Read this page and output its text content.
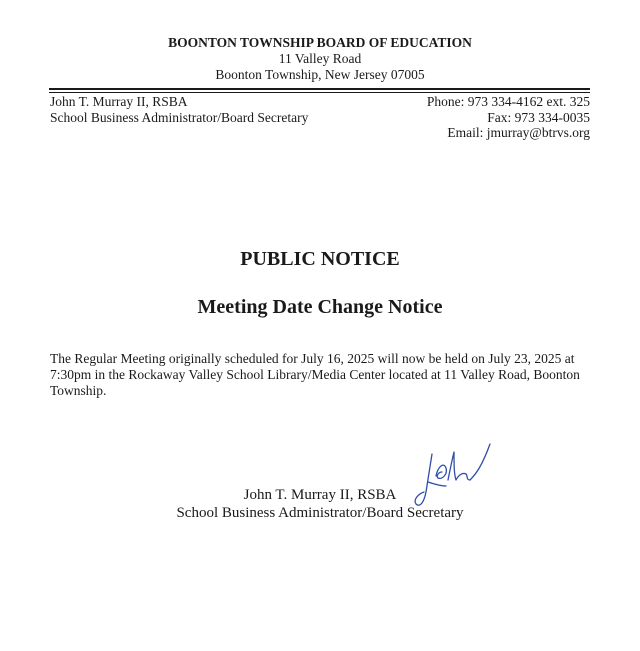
BOONTON TOWNSHIP BOARD OF EDUCATION
11 Valley Road
Boonton Township, New Jersey 07005
John T. Murray II, RSBA
School Business Administrator/Board Secretary
Phone: 973 334-4162 ext. 325
Fax: 973 334-0035
Email: jmurray@btrvs.org
PUBLIC NOTICE
Meeting Date Change Notice
The Regular Meeting originally scheduled for July 16, 2025 will now be held on July 23, 2025 at 7:30pm in the Rockaway Valley School Library/Media Center located at 11 Valley Road, Boonton Township.
John T. Murray II, RSBA
School Business Administrator/Board Secretary
